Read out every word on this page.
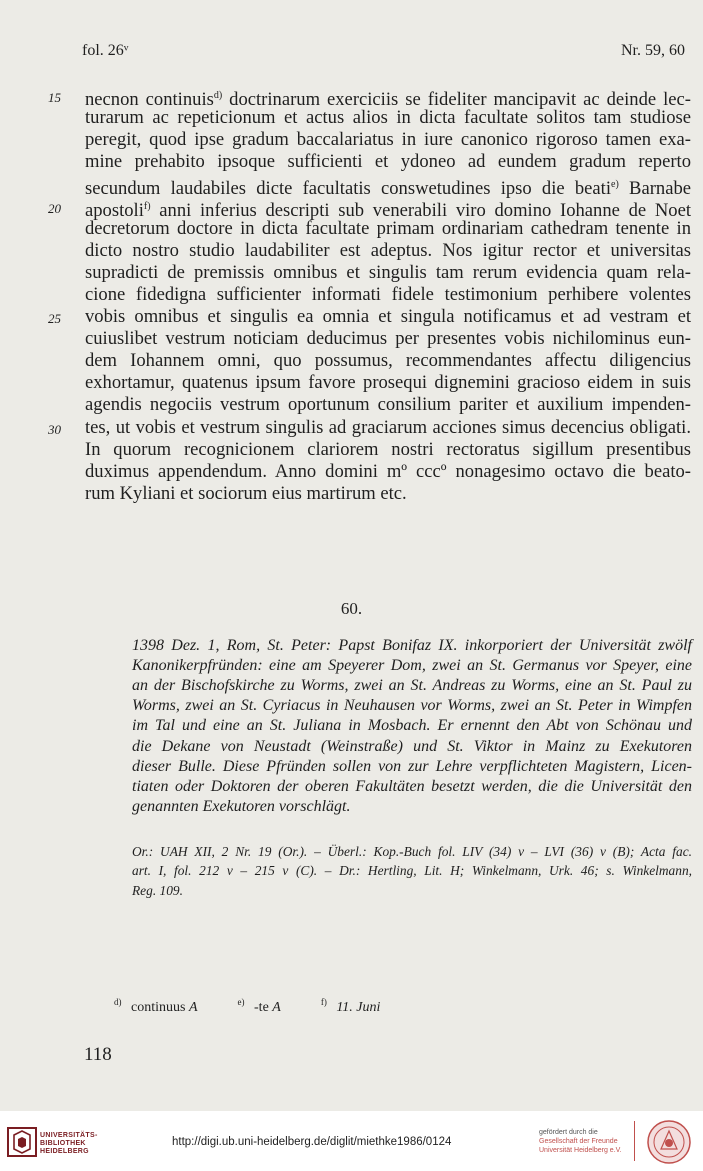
fol. 26ᵛ	Nr. 59, 60
15 necnon continuis$^{d)}$ doctrinarum exerciciis se fideliter mancipavit ac deinde lec-
turarum ac repeticionum et actus alios in dicta facultate solitos tam studiose
peregit, quod ipse gradum baccalariatus in iure canonico rigoroso tamen exa-
mine prehabito ipsoque sufficienti et ydoneo ad eundem gradum reperto
secundum laudabiles dicte facultatis conswetudines ipso die beati$^{e)}$ Barnabe
20 apostoli$^{f)}$ anni inferius descripti sub venerabili viro domino Iohanne de Noet
decretorum doctore in dicta facultate primam ordinariam cathedram tenente in
dicto nostro studio laudabiliter est adeptus. Nos igitur rector et universitas
supradicti de premissis omnibus et singulis tam rerum evidencia quam rela-
cione fidedigna sufficienter informati fidele testimonium perhibere volentes
25 vobis omnibus et singulis ea omnia et singula notificamus et ad vestram et
cuiuslibet vestrum noticiam deducimus per presentes vobis nichilominus eun-
dem Iohannem omni, quo possumus, recommendantes affectu diligencius
exhortamur, quatenus ipsum favore prosequi dignemini gracioso eidem in suis
agendis negociis vestrum oportunum consilium pariter et auxilium impenden-
30 tes, ut vobis et vestrum singulis ad graciarum acciones simus decencius obligati.
In quorum recognicionem clariorem nostri rectoratus sigillum presentibus
duximus appendendum. Anno domini mº cccº nonagesimo octavo die beato-
rum Kyliani et sociorum eius martirum etc.
60.
1398 Dez. 1, Rom, St. Peter: Papst Bonifaz IX. inkorporiert der Universität zwölf
Kanonikerpfründen: eine am Speyerer Dom, zwei an St. Germanus vor Speyer, eine
an der Bischofskirche zu Worms, zwei an St. Andreas zu Worms, eine an St. Paul zu
Worms, zwei an St. Cyriacus in Neuhausen vor Worms, zwei an St. Peter in Wimpfen
im Tal und eine an St. Juliana in Mosbach. Er ernennt den Abt von Schönau und
die Dekane von Neustadt (Weinstraße) und St. Viktor in Mainz zu Exekutoren
dieser Bulle. Diese Pfründen sollen von zur Lehre verpflichteten Magistern, Licen-
tiaten oder Doktoren der oberen Fakultäten besetzt werden, die die Universität den
genannten Exekutoren vorschlägt.
Or.: UAH XII, 2 Nr. 19 (Or.). – Überl.: Kop.-Buch fol. LIV (34) v – LVI (36) v (B); Acta fac.
art. I, fol. 212 v – 215 v (C). – Dr.: Hertling, Lit. H; Winkelmann, Urk. 46; s. Winkelmann,
Reg. 109.
$^{d)}$ continuus A	$^{e)}$ -te A	$^{f)}$ 11. Juni
118
UNIVERSITÄTS-
BIBLIOTHEK
HEIDELBERG
http://digi.ub.uni-heidelberg.de/diglit/miethke1986/0124
gefördert durch die
Gesellschaft der Freunde
Universität Heidelberg e.V.
